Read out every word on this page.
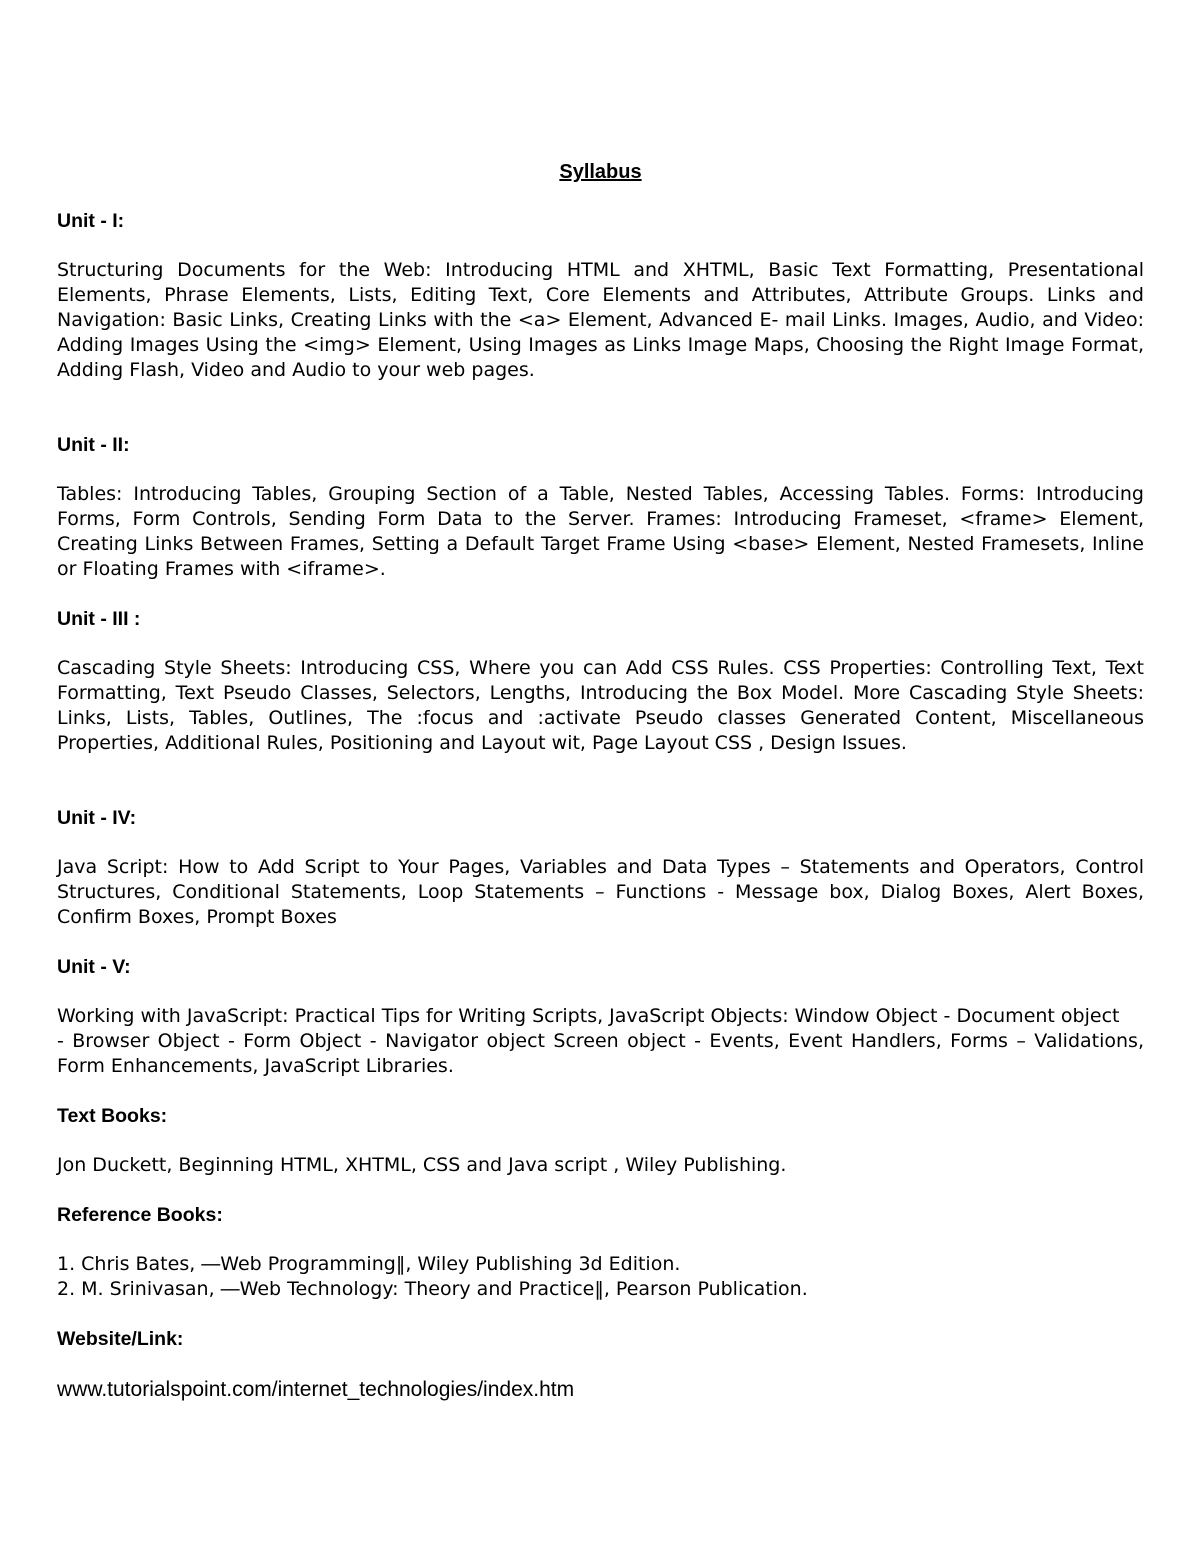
Syllabus

Unit - I:

Structuring Documents for the Web: Introducing HTML and XHTML, Basic Text Formatting, Presentational Elements, Phrase Elements, Lists, Editing Text, Core Elements and Attributes, Attribute Groups. Links and Navigation: Basic Links, Creating Links with the <a> Element, Advanced E- mail Links. Images, Audio, and Video: Adding Images Using the <img> Element, Using Images as Links Image Maps, Choosing the Right Image Format, Adding Flash, Video and Audio to your web pages.

Unit - II:

Tables: Introducing Tables, Grouping Section of a Table, Nested Tables, Accessing Tables. Forms: Introducing Forms, Form Controls, Sending Form Data to the Server. Frames: Introducing Frameset, <frame> Element, Creating Links Between Frames, Setting a Default Target Frame Using <base> Element, Nested Framesets, Inline or Floating Frames with <iframe>.

Unit - III :

Cascading Style Sheets: Introducing CSS, Where you can Add CSS Rules. CSS Properties: Controlling Text, Text Formatting, Text Pseudo Classes, Selectors, Lengths, Introducing the Box Model. More Cascading Style Sheets: Links, Lists, Tables, Outlines, The :focus and :activate Pseudo classes Generated Content, Miscellaneous Properties, Additional Rules, Positioning and Layout wit, Page Layout CSS , Design Issues.

Unit - IV:

Java Script: How to Add Script to Your Pages, Variables and Data Types – Statements and Operators, Control Structures, Conditional Statements, Loop Statements – Functions - Message box, Dialog Boxes, Alert Boxes, Confirm Boxes, Prompt Boxes

Unit - V:

Working with JavaScript: Practical Tips for Writing Scripts, JavaScript Objects: Window Object - Document object

- Browser Object - Form Object - Navigator object Screen object - Events, Event Handlers, Forms – Validations, Form Enhancements, JavaScript Libraries.

Text Books:

Jon Duckett, Beginning HTML, XHTML, CSS and Java script , Wiley Publishing.

Reference Books:

1. Chris Bates, ―Web Programming‖, Wiley Publishing 3d Edition.
2. M. Srinivasan, ―Web Technology: Theory and Practice‖, Pearson Publication.

Website/Link:

www.tutorialspoint.com/internet_technologies/index.htm
